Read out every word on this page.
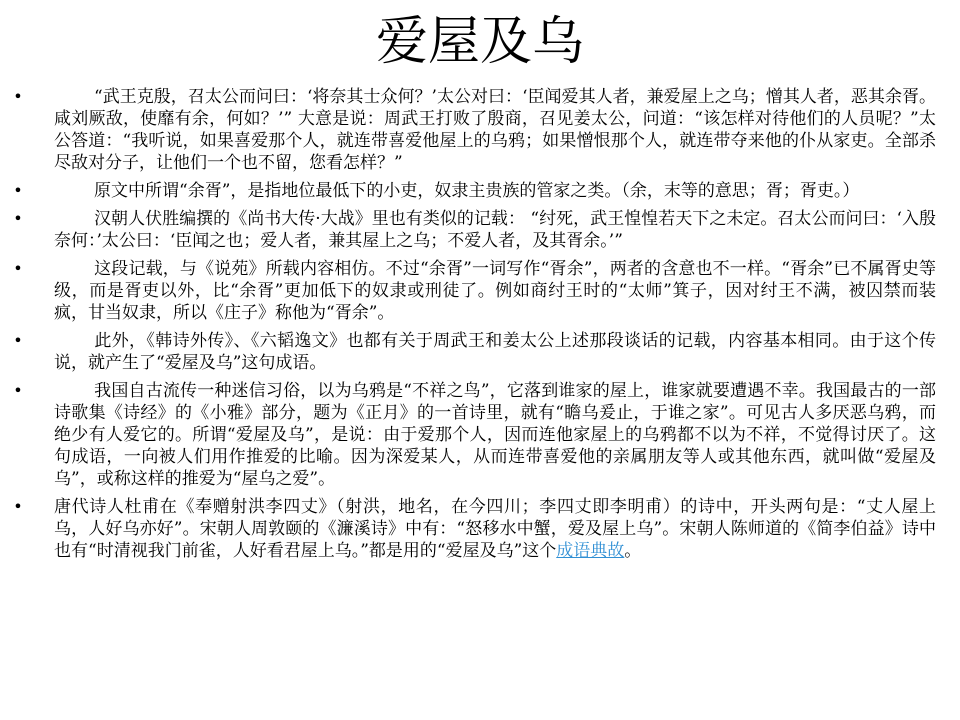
爱屋及乌
•	“武王克殷，召太公而问曰：‘将奈其士众何？’太公对曰：‘臣闻爱其人者，兼爱屋上之乌；憎其人者，恶其余胥。咸刘厥敌，使靡有余，何如？’” 大意是说：周武王打败了殷商，召见姜太公，问道：“该怎样对待他们的人员呢？”太公答道：“我听说，如果喜爱那个人，就连带喜爱他屋上的乌鸦；如果憎恨那个人，就连带夺来他的仆从家吏。全部杀尽敌对分子，让他们一个也不留，您看怎样？”
•	原文中所谓“余胥”，是指地位最低下的小吏，奴隶主贵族的管家之类。（余，末等的意思；胥；胥吏。）
•	汉朝人伏胜编撰的《尚书大传·大战》里也有类似的记载： “纣死，武王惶惶若天下之未定。召太公而问曰：‘入殷奈何：’太公曰：‘臣闻之也；爱人者，兼其屋上之乌；不爱人者，及其胥余。’”
•	这段记载，与《说苑》所载内容相仿。不过“余胥”一词写作“胥余”，两者的含意也不一样。“胥余”已不属胥史等级，而是胥吏以外，比“余胥”更加低下的奴隶或刑徒了。例如商纣王时的“太师”箕子，因对纣王不满，被囚禁而装疯，甘当奴隶，所以《庄子》称他为“胥余”。
•	此外，《韩诗外传》、《六韬逸文》也都有关于周武王和姜太公上述那段谈话的记载，内容基本相同。由于这个传说，就产生了“爱屋及乌”这句成语。
•	我国自古流传一种迷信习俗，以为乌鸦是“不祥之鸟”，它落到谁家的屋上，谁家就要遭遇不幸。我国最古的一部诗歌集《诗经》的《小雅》部分，题为《正月》的一首诗里，就有“瞻乌爰止，于谁之家”。可见古人多厌恶乌鸦，而绝少有人爱它的。所谓“爱屋及乌”，是说：由于爱那个人，因而连他家屋上的乌鸦都不以为不祥，不觉得讨厌了。这句成语，一向被人们用作推爱的比喻。因为深爱某人，从而连带喜爱他的亲属朋友等人或其他东西，就叫做“爱屋及乌”，或称这样的推爱为“屋乌之爱”。
•	唐代诗人杜甫在《奉赠射洪李四丈》（射洪，地名，在今四川；李四丈即李明甫）的诗中，开头两句是：“丈人屋上乌，人好乌亦好”。宋朝人周敦颐的《濂溪诗》中有：“怒移水中蟹，爱及屋上乌”。宋朝人陈师道的《简李伯益》诗中也有“时清视我门前雀，人好看君屋上乌。”都是用的“爱屋及乌”这个成语典故。
